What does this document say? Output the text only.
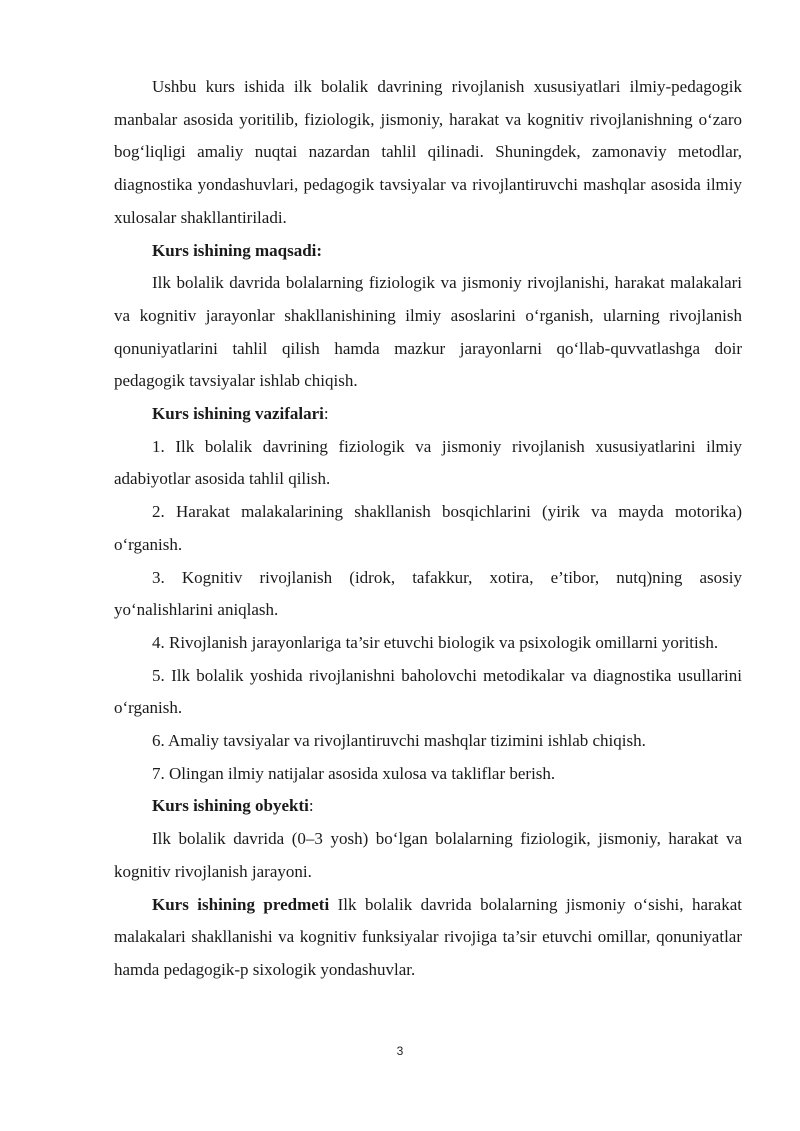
Ushbu kurs ishida ilk bolalik davrining rivojlanish xususiyatlari ilmiy-pedagogik manbalar asosida yoritilib, fiziologik, jismoniy, harakat va kognitiv rivojlanishning o‘zaro bog‘liqligi amaliy nuqtai nazardan tahlil qilinadi. Shuningdek, zamonaviy metodlar, diagnostika yondashuvlari, pedagogik tavsiyalar va rivojlantiruvchi mashqlar asosida ilmiy xulosalar shakllantiriladi.

Kurs ishining maqsadi:

Ilk bolalik davrida bolalarning fiziologik va jismoniy rivojlanishi, harakat malakalari va kognitiv jarayonlar shakllanishining ilmiy asoslarini o‘rganish, ularning rivojlanish qonuniyatlarini tahlil qilish hamda mazkur jarayonlarni qo‘llab-quvvatlashga doir pedagogik tavsiyalar ishlab chiqish.

Kurs ishining vazifalari:

1. Ilk bolalik davrining fiziologik va jismoniy rivojlanish xususiyatlarini ilmiy adabiyotlar asosida tahlil qilish.

2. Harakat malakalarining shakllanish bosqichlarini (yirik va mayda motorika) o‘rganish.

3. Kognitiv rivojlanish (idrok, tafakkur, xotira, e’tibor, nutq)ning asosiy yo‘nalishlarini aniqlash.

4. Rivojlanish jarayonlariga ta’sir etuvchi biologik va psixologik omillarni yoritish.

5. Ilk bolalik yoshida rivojlanishni baholovchi metodikalar va diagnostika usullarini o‘rganish.

6. Amaliy tavsiyalar va rivojlantiruvchi mashqlar tizimini ishlab chiqish.

7. Olingan ilmiy natijalar asosida xulosa va takliflar berish.

Kurs ishining obyekti:

Ilk bolalik davrida (0–3 yosh) bo‘lgan bolalarning fiziologik, jismoniy, harakat va kognitiv rivojlanish jarayoni.

Kurs ishining predmeti Ilk bolalik davrida bolalarning jismoniy o‘sishi, harakat malakalari shakllanishi va kognitiv funksiyalar rivojiga ta’sir etuvchi omillar, qonuniyatlar hamda pedagogik-p sixologik yondashuvlar.

3
